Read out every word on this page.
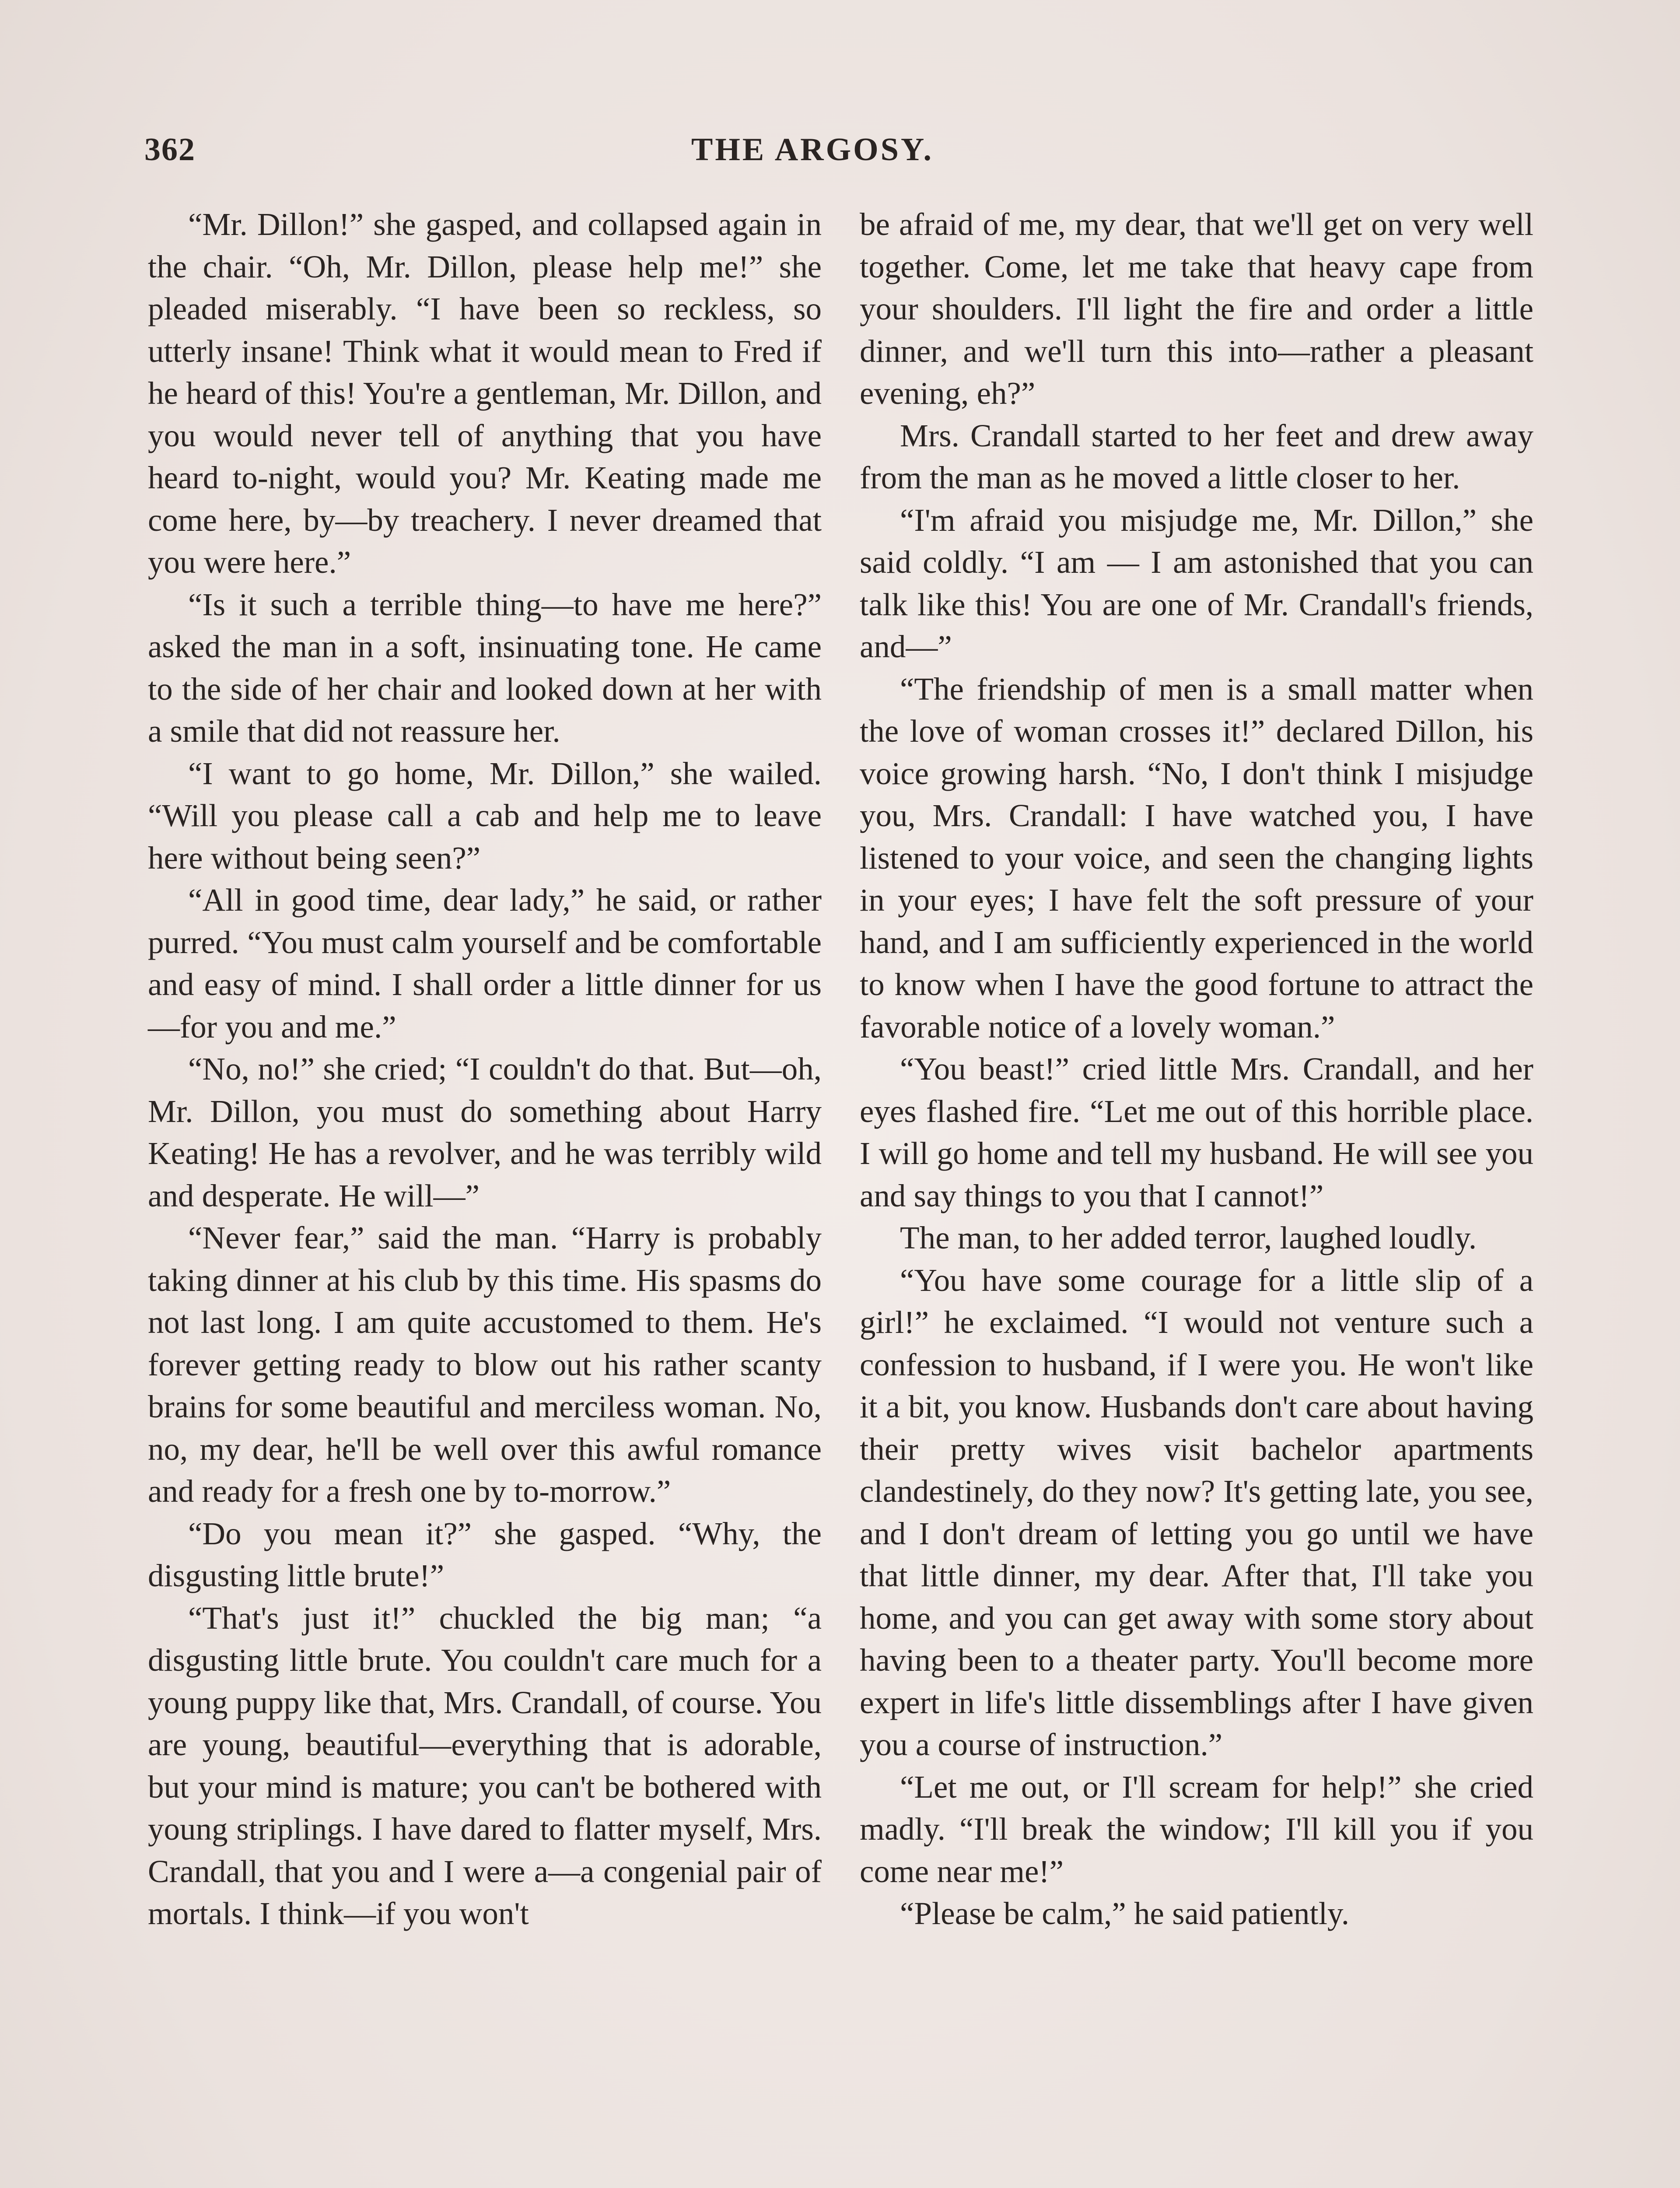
362	THE ARGOSY.

“Mr. Dillon!” she gasped, and collapsed again in the chair. “Oh, Mr. Dillon, please help me!” she pleaded miserably. “I have been so reckless, so utterly insane! Think what it would mean to Fred if he heard of this! You're a gentleman, Mr. Dillon, and you would never tell of anything that you have heard to-night, would you? Mr. Keating made me come here, by—by treachery. I never dreamed that you were here.”

“Is it such a terrible thing—to have me here?” asked the man in a soft, insinuating tone. He came to the side of her chair and looked down at her with a smile that did not reassure her.

“I want to go home, Mr. Dillon,” she wailed. “Will you please call a cab and help me to leave here without being seen?”

“All in good time, dear lady,” he said, or rather purred. “You must calm yourself and be comfortable and easy of mind. I shall order a little dinner for us—for you and me.”

“No, no!” she cried; “I couldn't do that. But—oh, Mr. Dillon, you must do something about Harry Keating! He has a revolver, and he was terribly wild and desperate. He will—”

“Never fear,” said the man. “Harry is probably taking dinner at his club by this time. His spasms do not last long. I am quite accustomed to them. He's forever getting ready to blow out his rather scanty brains for some beautiful and merciless woman. No, no, my dear, he'll be well over this awful romance and ready for a fresh one by to-morrow.”

“Do you mean it?” she gasped. “Why, the disgusting little brute!”

“That's just it!” chuckled the big man; “a disgusting little brute. You couldn't care much for a young puppy like that, Mrs. Crandall, of course. You are young, beautiful—everything that is adorable, but your mind is mature; you can't be bothered with young striplings. I have dared to flatter myself, Mrs. Crandall, that you and I were a—a congenial pair of mortals. I think—if you won't

be afraid of me, my dear, that we'll get on very well together. Come, let me take that heavy cape from your shoulders. I'll light the fire and order a little dinner, and we'll turn this into—rather a pleasant evening, eh?”

Mrs. Crandall started to her feet and drew away from the man as he moved a little closer to her.

“I'm afraid you misjudge me, Mr. Dillon,” she said coldly. “I am — I am astonished that you can talk like this! You are one of Mr. Crandall's friends, and—”

“The friendship of men is a small matter when the love of woman crosses it!” declared Dillon, his voice growing harsh. “No, I don't think I misjudge you, Mrs. Crandall: I have watched you, I have listened to your voice, and seen the changing lights in your eyes; I have felt the soft pressure of your hand, and I am sufficiently experienced in the world to know when I have the good fortune to attract the favorable notice of a lovely woman.”

“You beast!” cried little Mrs. Crandall, and her eyes flashed fire. “Let me out of this horrible place. I will go home and tell my husband. He will see you and say things to you that I cannot!”

The man, to her added terror, laughed loudly.

“You have some courage for a little slip of a girl!” he exclaimed. “I would not venture such a confession to husband, if I were you. He won't like it a bit, you know. Husbands don't care about having their pretty wives visit bachelor apartments clandestinely, do they now? It's getting late, you see, and I don't dream of letting you go until we have that little dinner, my dear. After that, I'll take you home, and you can get away with some story about having been to a theater party. You'll become more expert in life's little dissemblings after I have given you a course of instruction.”

“Let me out, or I'll scream for help!” she cried madly. “I'll break the window; I'll kill you if you come near me!”

“Please be calm,” he said patiently.
